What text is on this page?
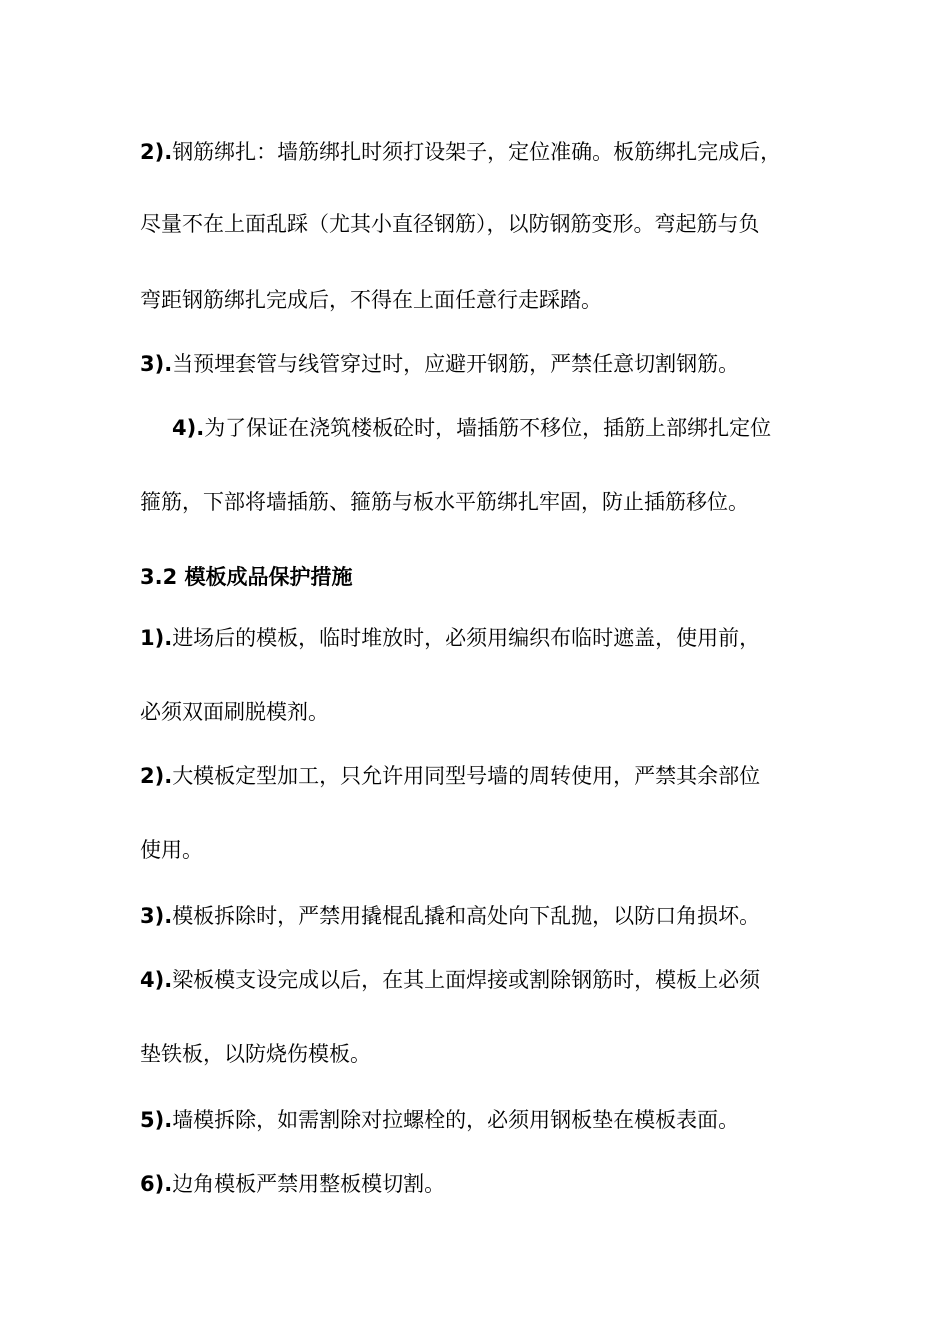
2).钢筋绑扎：墙筋绑扎时须打设架子，定位准确。板筋绑扎完成后，
尽量不在上面乱踩（尤其小直径钢筋），以防钢筋变形。弯起筋与负
弯距钢筋绑扎完成后，不得在上面任意行走踩踏。
3).当预埋套管与线管穿过时，应避开钢筋，严禁任意切割钢筋。
4).为了保证在浇筑楼板砼时，墙插筋不移位，插筋上部绑扎定位
箍筋，下部将墙插筋、箍筋与板水平筋绑扎牢固，防止插筋移位。
3.2 模板成品保护措施
1).进场后的模板，临时堆放时，必须用编织布临时遮盖，使用前，
必须双面刷脱模剂。
2).大模板定型加工，只允许用同型号墙的周转使用，严禁其余部位
使用。
3).模板拆除时，严禁用撬棍乱撬和高处向下乱抛，以防口角损坏。
4).梁板模支设完成以后，在其上面焊接或割除钢筋时，模板上必须
垫铁板，以防烧伤模板。
5).墙模拆除，如需割除对拉螺栓的，必须用钢板垫在模板表面。
6).边角模板严禁用整板模切割。
